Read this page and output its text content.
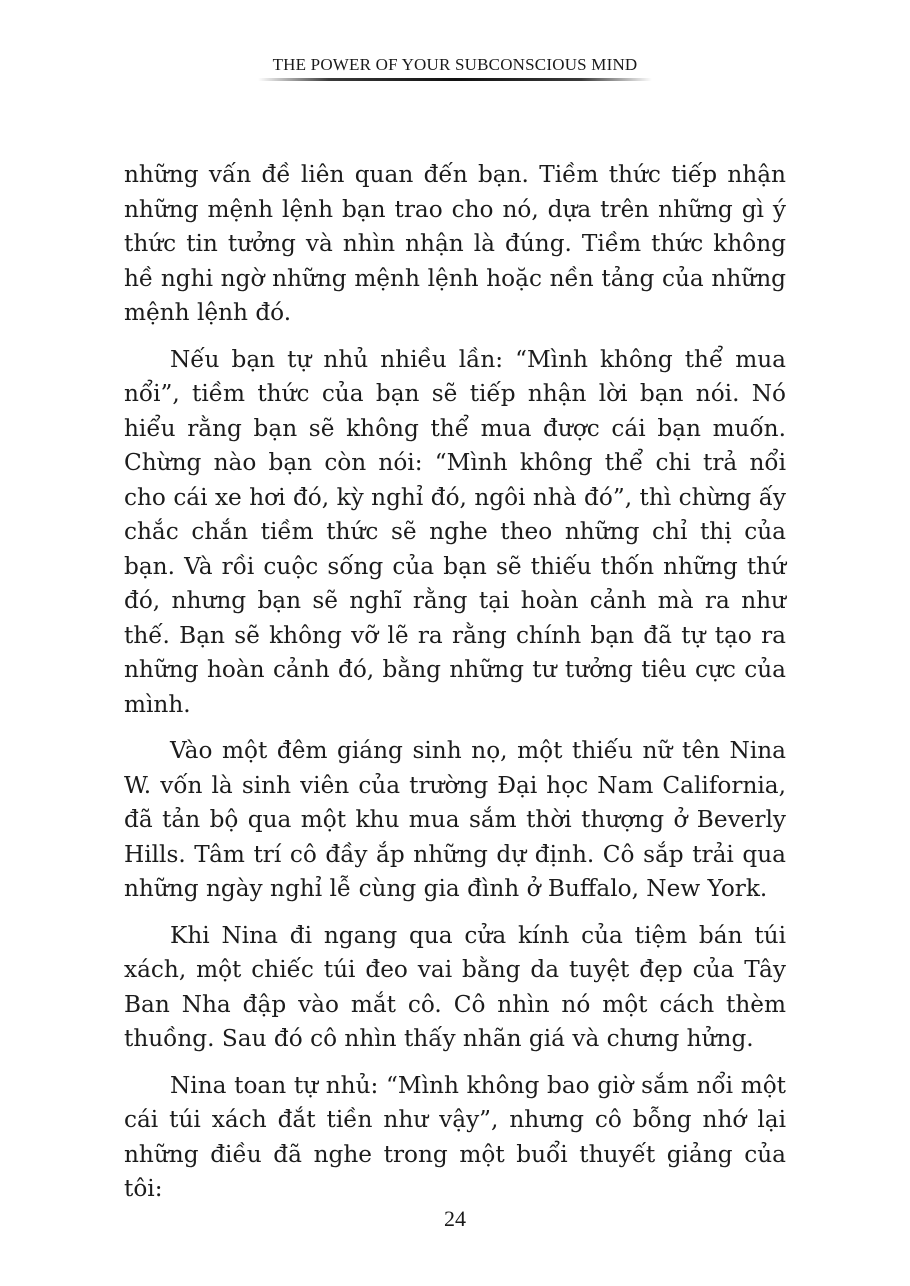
THE POWER OF YOUR SUBCONSCIOUS MIND

những vấn đề liên quan đến bạn. Tiềm thức tiếp nhận những mệnh lệnh bạn trao cho nó, dựa trên những gì ý thức tin tưởng và nhìn nhận là đúng. Tiềm thức không hề nghi ngờ những mệnh lệnh hoặc nền tảng của những mệnh lệnh đó.

Nếu bạn tự nhủ nhiều lần: “Mình không thể mua nổi”, tiềm thức của bạn sẽ tiếp nhận lời bạn nói. Nó hiểu rằng bạn sẽ không thể mua được cái bạn muốn. Chừng nào bạn còn nói: “Mình không thể chi trả nổi cho cái xe hơi đó, kỳ nghỉ đó, ngôi nhà đó”, thì chừng ấy chắc chắn tiềm thức sẽ nghe theo những chỉ thị của bạn. Và rồi cuộc sống của bạn sẽ thiếu thốn những thứ đó, nhưng bạn sẽ nghĩ rằng tại hoàn cảnh mà ra như thế. Bạn sẽ không vỡ lẽ ra rằng chính bạn đã tự tạo ra những hoàn cảnh đó, bằng những tư tưởng tiêu cực của mình.

Vào một đêm giáng sinh nọ, một thiếu nữ tên Nina W. vốn là sinh viên của trường Đại học Nam California, đã tản bộ qua một khu mua sắm thời thượng ở Beverly Hills. Tâm trí cô đầy ắp những dự định. Cô sắp trải qua những ngày nghỉ lễ cùng gia đình ở Buffalo, New York.

Khi Nina đi ngang qua cửa kính của tiệm bán túi xách, một chiếc túi đeo vai bằng da tuyệt đẹp của Tây Ban Nha đập vào mắt cô. Cô nhìn nó một cách thèm thuồng. Sau đó cô nhìn thấy nhãn giá và chưng hửng.

Nina toan tự nhủ: “Mình không bao giờ sắm nổi một cái túi xách đắt tiền như vậy”, nhưng cô bỗng nhớ lại những điều đã nghe trong một buổi thuyết giảng của tôi:

24
